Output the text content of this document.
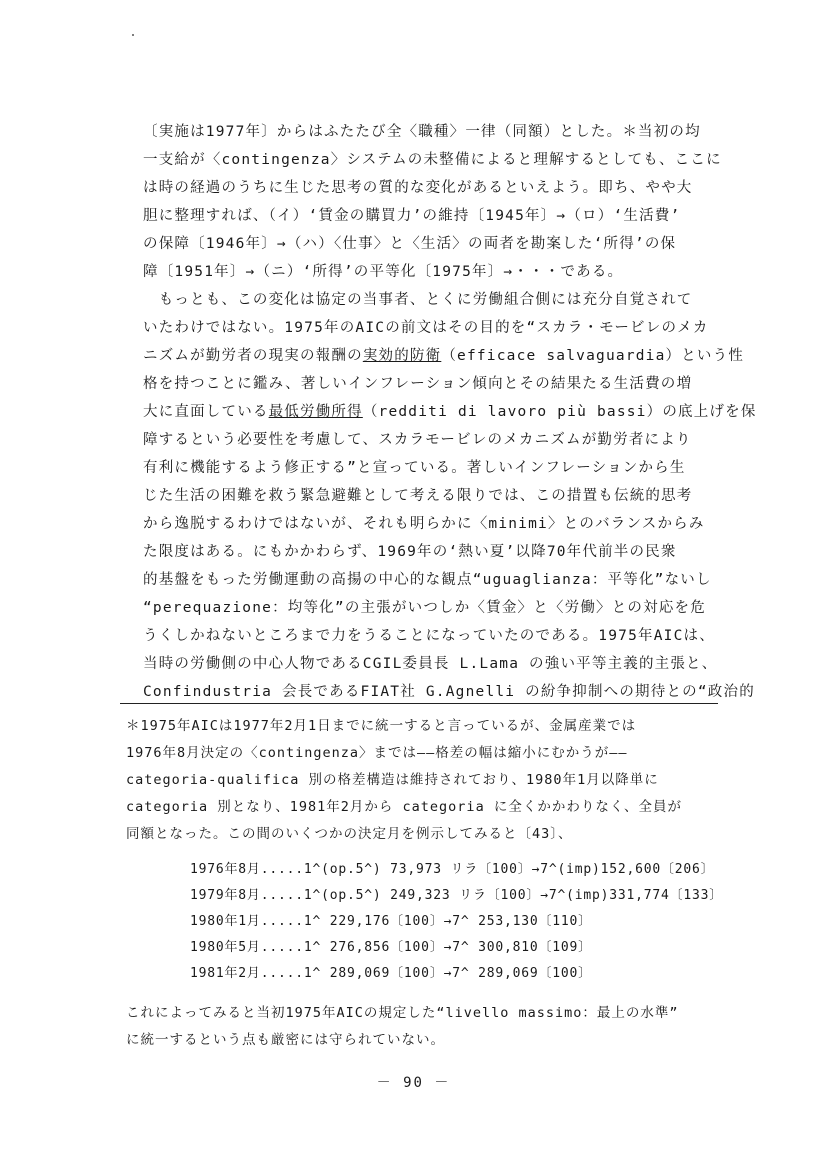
〔実施は1977年〕からはふたたび全〈職種〉一律（同額）とした。＊当初の均
一支給が〈contingenza〉システムの未整備によると理解するとしても、ここに
は時の経過のうちに生じた思考の質的な変化があるといえよう。即ち、やや大
胆に整理すれば、（イ）‘賃金の購買力’の維持〔1945年〕→（ロ）‘生活費’
の保障〔1946年〕→（ハ）〈仕事〉と〈生活〉の両者を勘案した‘所得’の保
障〔1951年〕→（ニ）‘所得’の平等化〔1975年〕→・・・である。
　もっとも、この変化は協定の当事者、とくに労働組合側には充分自覚されて
いたわけではない。1975年のAICの前文はその目的を“スカラ・モービレのメカ
ニズムが勤労者の現実の報酬の実効的防衛（efficace salvaguardia）という性
格を持つことに鑑み、著しいインフレーション傾向とその結果たる生活費の増
大に直面している最低労働所得（redditi di lavoro più bassi）の底上げを保
障するという必要性を考慮して、スカラモービレのメカニズムが勤労者により
有利に機能するよう修正する”と宣っている。著しいインフレーションから生
じた生活の困難を救う緊急避難として考える限りでは、この措置も伝統的思考
から逸脱するわけではないが、それも明らかに〈minimi〉とのバランスからみ
た限度はある。にもかかわらず、1969年の‘熱い夏’以降70年代前半の民衆
的基盤をもった労働運動の高揚の中心的な観点“uguaglianza：平等化”ないし
“perequazione：均等化”の主張がいつしか〈賃金〉と〈労働〉との対応を危
うくしかねないところまで力をうることになっていたのである。1975年AICは、
当時の労働側の中心人物であるCGIL委員長 L.Lama の強い平等主義的主張と、
Confindustria 会長であるFIAT社 G.Agnelli の紛争抑制への期待との“政治的
＊1975年AICは1977年2月1日までに統一すると言っているが、金属産業では
1976年8月決定の〈contingenza〉までは――格差の幅は縮小にむかうが――
categoria-qualifica 別の格差構造は維持されており、1980年1月以降単に
categoria 別となり、1981年2月から categoria に全くかかわりなく、全員が
同額となった。この間のいくつかの決定月を例示してみると〔43〕、
1976年8月.....1^(op.5^) 73,973 リラ〔100〕→7^(imp)152,600〔206〕
1979年8月.....1^(op.5^) 249,323 リラ〔100〕→7^(imp)331,774〔133〕
1980年1月.....1^ 229,176〔100〕→7^ 253,130〔110〕
1980年5月.....1^ 276,856〔100〕→7^ 300,810〔109〕
1981年2月.....1^ 289,069〔100〕→7^ 289,069〔100〕
これによってみると当初1975年AICの規定した“livello massimo：最上の水準”
に統一するという点も厳密には守られていない。
－ 90 －
